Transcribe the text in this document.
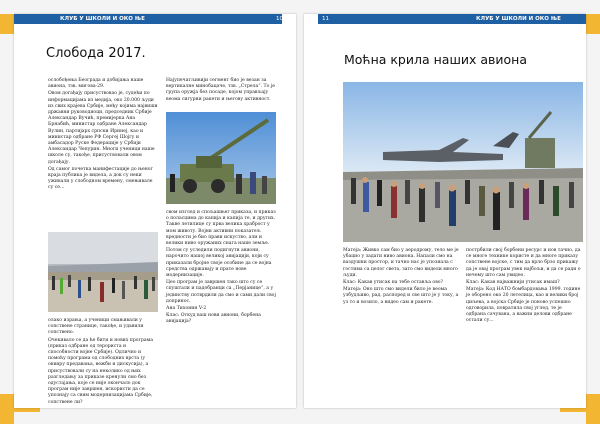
КЛУБ У ШКОЛИ И ОКО ЊЕ	10
Слобода 2017.

ослобођења Београда и добијања наше авиона, тзв. мигова-29.

Овом догађају присуствовао је, судећи по информацијама из медија, око 20.000 људи из свих крајева Србије, међу којима највиши државни руководиоци, председник Србије Александар Вучић, премијерка Ана Брнабић, министар одбране Александар Вулин, партијарх српски Иринеј, као и министар одбране РФ Сергеј Шојгу и амбасадор Руске Федерације у Србији Александар Чепурин. Многи ученици наше школе су, такође, присуствовали овом догађају.

Од самог почетка манифестације до њеног краја публика је видела, а док су неки уживали у слободном времену, смењивале су се...

олако израња, а ученици смањивали у сопствене странице, такође, и удавили сопствено.

Очекивало се да ће бити и нових програма (приказ одбране од терориста и способности војне Србије). Одлично и помоћу програма од слободних врста (у оквиру предавања, вежби и дискусија), а присуствовали су на неколико од њих разгледању за приказе кренули смо без одустајања, које се није окончало док програм није завршен, искористи да се упознају са свим модернизацијама Србије, сопствене ли?

Најупечатљивији сегмент био је везан за вертикалне минобацаче, тзв. „Стрела“. То је група оружја без посаде, којом управљају веома сигурни ракети и његову активност.

свом изглед и спољашњег приказа, и приказ о поласцима до капија и капија те, и других. Такве летилице су прва велика храброст у мом животу. Војни активни показатељ вредности је био прави искуство, али и велики ниво оружаних снага наше земље.

Потом су уследили подигнути авиони, нарочито нашој великој авијацији, који су приказали бројне своје особине да се војна средства одржавају и прате нове модернизације.

Цео програм је завршен тако што су се спуштали и падобранци са „Перјанице“, а у јединству потврдили да смо и сами дали свој допринос.

Ана Тихонин V-2

Клас: Откуд ваш нови авиони, борбена авијација?

11	КЛУБ У ШКОЛИ И ОКО ЊЕ
Моћна крила наших авиона

Матеја: Живко сам био у аеродрому, тело ме је убацио у задати ниво авиона. Напали смо на ваздушни простор, и тачно нас је упознала с гостима са целог света, зато смо видели много људи.

Клас: Какав утисак на тебе оставља ово?

Матеја: Оно што смо видели било је веома узбудљиво, рад, распоред и све што је у току, а уз то и возило, а видео сам и ракете.

пострбили свој борбени ресурс и нов тачно, да се многе технике користе и да многе приказу сопствене војске, с тим да врло брзо прикажу да је овај програм увек најбољи, и да се ради о нечему што сам увидео.

Клас: Какав најважнији утисак имаш?

Матеја: Код НАТО бомбардовања 1999. године је оборено око 20 летелица, као и велики број циљева, а војска Србије је поново успешно одговорила, повратила свој углед, те је одбрана сачувана, а важни делови одбране остали су...
